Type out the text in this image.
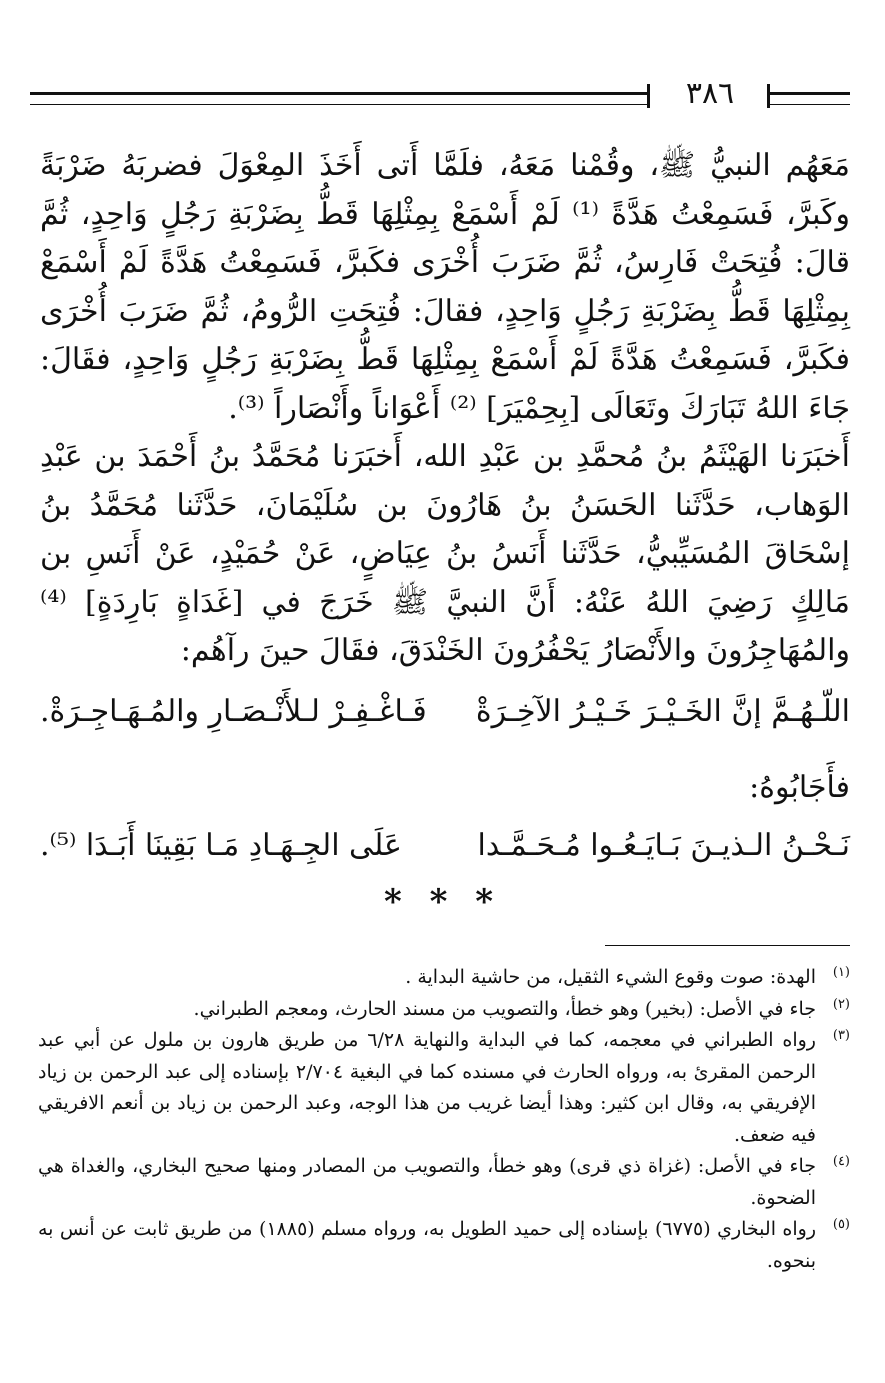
٣٨٦

مَعَهُم النبيُّ ﷺ، وقُمْنا مَعَهُ، فلَمَّا أَتى أَخَذَ المِعْوَلَ فضربَهُ ضَرْبَةً وكَبرَّ، فَسَمِعْتُ هَدَّةً ⁽¹⁾ لَمْ أَسْمَعْ بِمِثْلِهَا قَطُّ بِضَرْبَةِ رَجُلٍ وَاحِدٍ، ثُمَّ قالَ: فُتِحَتْ فَارِسُ، ثُمَّ ضَرَبَ أُخْرَى فكَبرَّ، فَسَمِعْتُ هَدَّةً لَمْ أَسْمَعْ بِمِثْلِهَا قَطُّ بِضَرْبَةِ رَجُلٍ وَاحِدٍ، فقالَ: فُتِحَتِ الرُّومُ، ثُمَّ ضَرَبَ أُخْرَى فكَبرَّ، فَسَمِعْتُ هَدَّةً لَمْ أَسْمَعْ بِمِثْلِهَا قَطُّ بِضَرْبَةِ رَجُلٍ وَاحِدٍ، فقَالَ: جَاءَ اللهُ تَبَارَكَ وتَعَالَى [بِحِمْيَرَ] ⁽²⁾ أَعْوَاناً وأَنْصَاراً ⁽³⁾.

أَخبَرَنا الهَيْثَمُ بنُ مُحمَّدِ بن عَبْدِ الله، أَخبَرَنا مُحَمَّدُ بنُ أَحْمَدَ بن عَبْدِ الوَهاب، حَدَّثَنا الحَسَنُ بنُ هَارُونَ بن سُلَيْمَانَ، حَدَّثَنا مُحَمَّدُ بنُ إسْحَاقَ المُسَيِّبيُّ، حَدَّثَنا أَنَسُ بنُ عِيَاضٍ، عَنْ حُمَيْدٍ، عَنْ أَنَسِ بن مَالِكٍ رَضِيَ اللهُ عَنْهُ: أَنَّ النبيَّ ﷺ خَرَجَ في [غَدَاةٍ بَارِدَةٍ] ⁽⁴⁾ والمُهَاجِرُونَ والأَنْصَارُ يَحْفُرُونَ الخَنْدَقَ، فقَالَ حينَ رآهُم:

اللّـهُـمَّ إنَّ الخَـيْـرَ خَـيْـرُ الآخِـرَةْ
فَـاغْـفِـرْ لـلأَنْـصَـارِ والمُـهَـاجِـرَةْ.
فأَجَابُوهُ:
نَـحْـنُ الـذيـنَ بَـايَـعُـوا مُـحَـمَّـدا
عَلَى الجِـهَـادِ مَـا بَقِينَا أَبَـدَا ⁽⁵⁾.
* * *
(١)
الهدة: صوت وقوع الشيء الثقيل، من حاشية البداية .
(٢)
جاء في الأصل: (بخير) وهو خطأ، والتصويب من مسند الحارث، ومعجم الطبراني.
(٣)
رواه الطبراني في معجمه، كما في البداية والنهاية ٦/٢٨ من طريق هارون بن ملول عن أبي عبد الرحمن المقرئ به، ورواه الحارث في مسنده كما في البغية ٢/٧٠٤ بإسناده إلى عبد الرحمن بن زياد الإفريقي به، وقال ابن كثير: وهذا أيضا غريب من هذا الوجه، وعبد الرحمن بن زياد بن أنعم الافريقي فيه ضعف.
(٤)
جاء في الأصل: (غزاة ذي قرى) وهو خطأ، والتصويب من المصادر ومنها صحيح البخاري، والغداة هي الضحوة.
(٥)
رواه البخاري (٦٧٧٥) بإسناده إلى حميد الطويل به، ورواه مسلم (١٨٨٥) من طريق ثابت عن أنس به بنحوه.
